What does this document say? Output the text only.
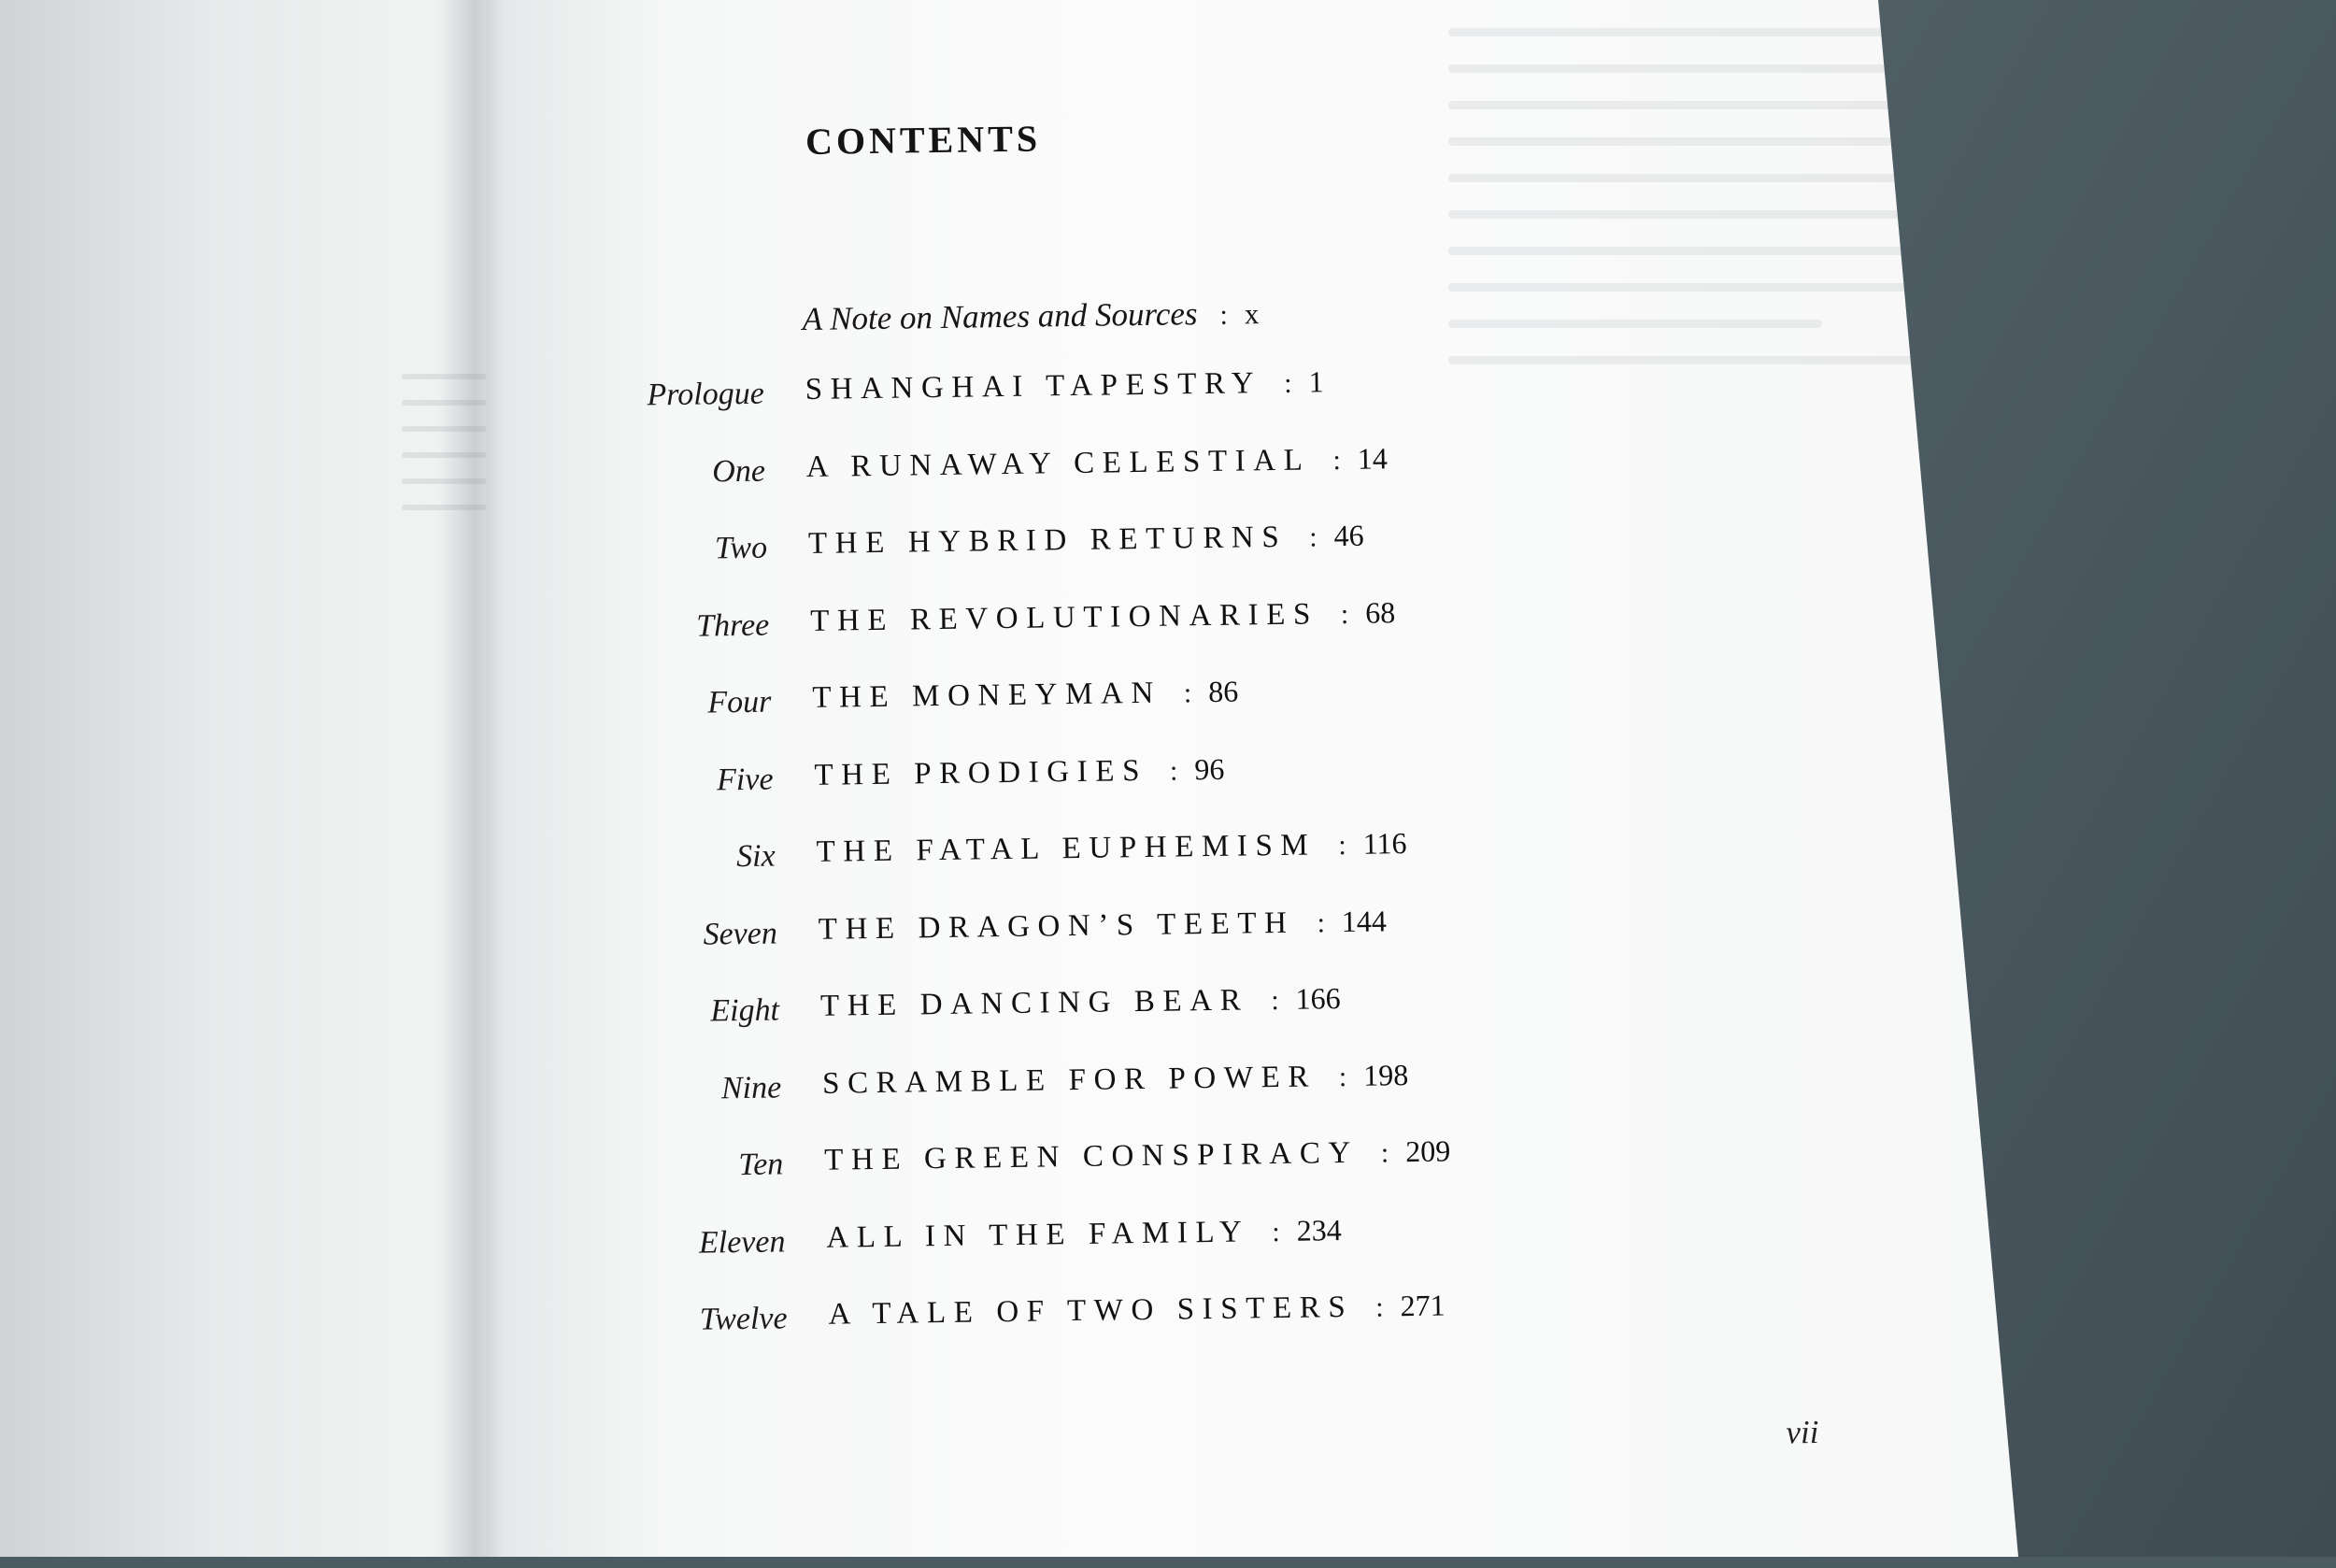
CONTENTS
A Note on Names and Sources : x
Prologue SHANGHAI TAPESTRY : 1
One A RUNAWAY CELESTIAL : 14
Two THE HYBRID RETURNS : 46
Three THE REVOLUTIONARIES : 68
Four THE MONEYMAN : 86
Five THE PRODIGIES : 96
Six THE FATAL EUPHEMISM : 116
Seven THE DRAGON’S TEETH : 144
Eight THE DANCING BEAR : 166
Nine SCRAMBLE FOR POWER : 198
Ten THE GREEN CONSPIRACY : 209
Eleven ALL IN THE FAMILY : 234
Twelve A TALE OF TWO SISTERS : 271
vii
